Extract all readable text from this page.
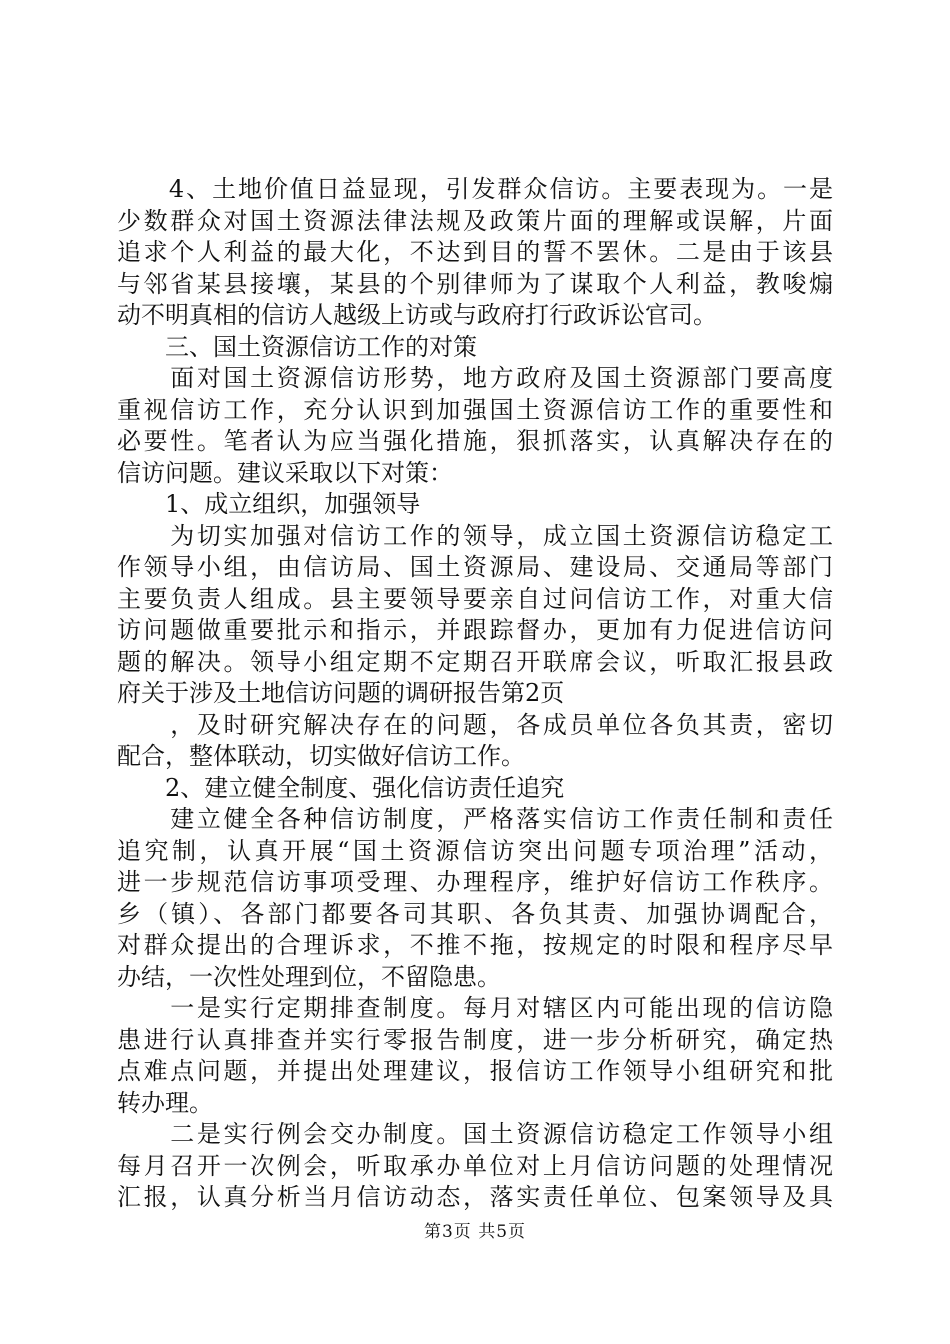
　　4、土地价值日益显现，引发群众信访。主要表现为。一是
少数群众对国土资源法律法规及政策片面的理解或误解，片面
追求个人利益的最大化，不达到目的誓不罢休。二是由于该县
与邻省某县接壤，某县的个别律师为了谋取个人利益，教唆煽
动不明真相的信访人越级上访或与政府打行政诉讼官司。
　　三、国土资源信访工作的对策
　　面对国土资源信访形势，地方政府及国土资源部门要高度
重视信访工作，充分认识到加强国土资源信访工作的重要性和
必要性。笔者认为应当强化措施，狠抓落实，认真解决存在的
信访问题。建议采取以下对策：
　　1、成立组织，加强领导
　　为切实加强对信访工作的领导，成立国土资源信访稳定工
作领导小组，由信访局、国土资源局、建设局、交通局等部门
主要负责人组成。县主要领导要亲自过问信访工作，对重大信
访问题做重要批示和指示，并跟踪督办，更加有力促进信访问
题的解决。领导小组定期不定期召开联席会议，听取汇报县政
府关于涉及土地信访问题的调研报告第2页
　　，及时研究解决存在的问题，各成员单位各负其责，密切
配合，整体联动，切实做好信访工作。
　　2、建立健全制度、强化信访责任追究
　　建立健全各种信访制度，严格落实信访工作责任制和责任
追究制，认真开展“国土资源信访突出问题专项治理”活动，
进一步规范信访事项受理、办理程序，维护好信访工作秩序。
乡（镇）、各部门都要各司其职、各负其责、加强协调配合，
对群众提出的合理诉求，不推不拖，按规定的时限和程序尽早
办结，一次性处理到位，不留隐患。
　　一是实行定期排查制度。每月对辖区内可能出现的信访隐
患进行认真排查并实行零报告制度，进一步分析研究，确定热
点难点问题，并提出处理建议，报信访工作领导小组研究和批
转办理。
　　二是实行例会交办制度。国土资源信访稳定工作领导小组
每月召开一次例会，听取承办单位对上月信访问题的处理情况
汇报，认真分析当月信访动态，落实责任单位、包案领导及具
第3页 共5页
